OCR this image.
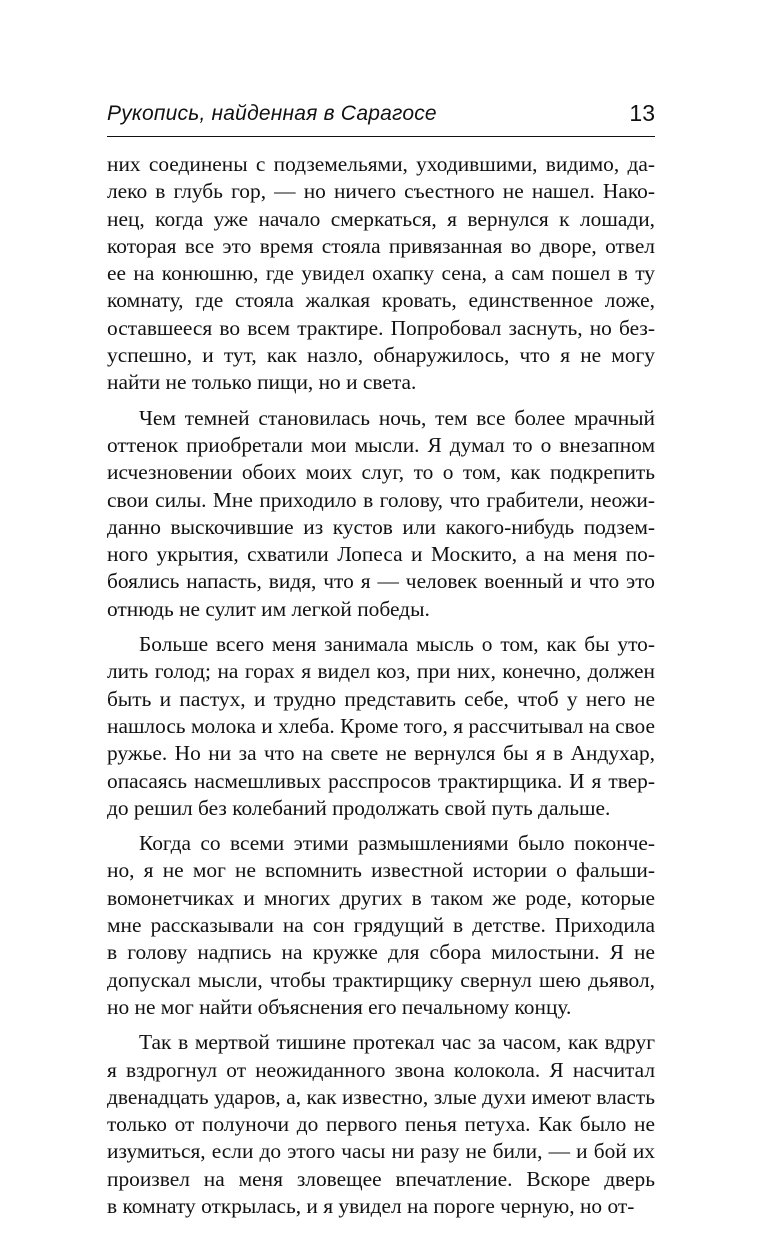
Рукопись, найденная в Сарагосе	13
них соединены с подземельями, уходившими, видимо, да-
леко в глубь гор, — но ничего съестного не нашел. Нако-
нец, когда уже начало смеркаться, я вернулся к лошади,
которая все это время стояла привязанная во дворе, отвел
ее на конюшню, где увидел охапку сена, а сам пошел в ту
комнату, где стояла жалкая кровать, единственное ложе,
оставшееся во всем трактире. Попробовал заснуть, но без-
успешно, и тут, как назло, обнаружилось, что я не могу
найти не только пищи, но и света.
Чем темней становилась ночь, тем все более мрачный
оттенок приобретали мои мысли. Я думал то о внезапном
исчезновении обоих моих слуг, то о том, как подкрепить
свои силы. Мне приходило в голову, что грабители, неожи-
данно выскочившие из кустов или какого-нибудь подзем-
ного укрытия, схватили Лопеса и Москито, а на меня по-
боялись напасть, видя, что я — человек военный и что это
отнюдь не сулит им легкой победы.
Больше всего меня занимала мысль о том, как бы уто-
лить голод; на горах я видел коз, при них, конечно, должен
быть и пастух, и трудно представить себе, чтоб у него не
нашлось молока и хлеба. Кроме того, я рассчитывал на свое
ружье. Но ни за что на свете не вернулся бы я в Андухар,
опасаясь насмешливых расспросов трактирщика. И я твер-
до решил без колебаний продолжать свой путь дальше.
Когда со всеми этими размышлениями было поконче-
но, я не мог не вспомнить известной истории о фальши-
вомонетчиках и многих других в таком же роде, которые
мне рассказывали на сон грядущий в детстве. Приходила
в голову надпись на кружке для сбора милостыни. Я не
допускал мысли, чтобы трактирщику свернул шею дьявол,
но не мог найти объяснения его печальному концу.
Так в мертвой тишине протекал час за часом, как вдруг
я вздрогнул от неожиданного звона колокола. Я насчитал
двенадцать ударов, а, как известно, злые духи имеют власть
только от полуночи до первого пенья петуха. Как было не
изумиться, если до этого часы ни разу не били, — и бой их
произвел на меня зловещее впечатление. Вскоре дверь
в комнату открылась, и я увидел на пороге черную, но от-
